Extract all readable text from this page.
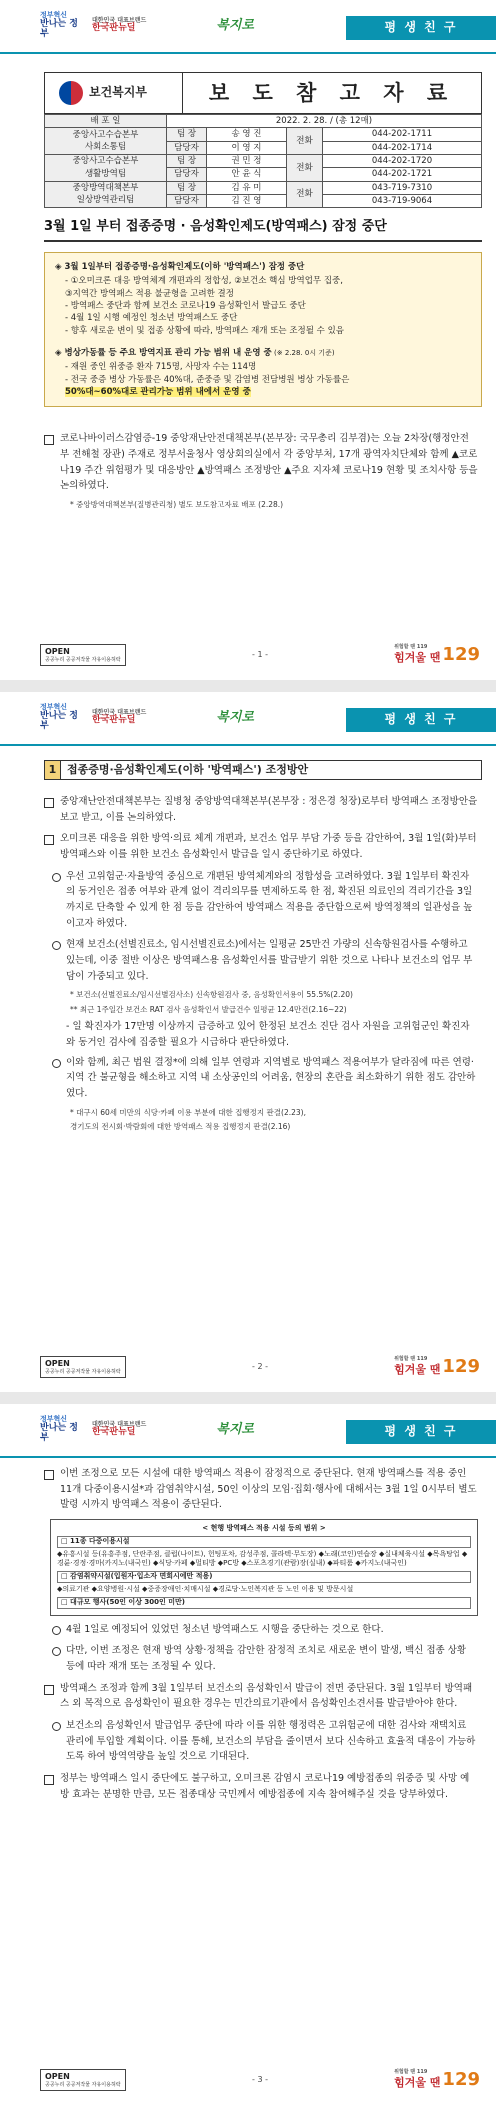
정부혁신
반나는 정부
대한민국 대표브랜드
한국판뉴딜	복지로	평 생 친 구
보건복지부	보 도 참 고 자 료
배 포 일	2022. 2. 28. / (총 12매)			

중앙사고수습본부
사회소통팀	팀 장	송 영 진	전화	044-202-1711
	담당자	이 영 지		044-202-1714

중앙사고수습본부
생활방역팀	팀 장	권 민 정	전화	044-202-1720
	담당자	안 윤 식		044-202-1721

중앙방역대책본부
일상방역관리팀	팀 장	김 유 미	전화	043-719-7310
	담당자	김 진 영		043-719-9064
3월 1일 부터 접종증명 · 음성확인제도(방역패스) 잠정 중단
◈ 3월 1일부터 접종증명·음성확인제도(이하 '방역패스') 잠정 중단
- ①오미크론 대응 방역체계 개편과의 정합성, ②보건소 핵심 방역업무 집중,
③지역간 방역패스 적용 불균형을 고려한 결정
- 방역패스 중단과 함께 보건소 코로나19 음성확인서 발급도 중단
- 4월 1일 시행 예정인 청소년 방역패스도 중단
- 향후 새로운 변이 및 접종 상황에 따라, 방역패스 재개 또는 조정될 수 있음
◈ 병상가동률 등 주요 방역지표 관리 가능 범위 내 운영 중 (※ 2.28. 0시 기준)
- 재원 중인 위중증 환자 715명, 사망자 수는 114명
- 전국 중증 병상 가동률은 40%대, 준중증 및 감염병 전담병원 병상 가동률은
50%대~60%대로 관리가능 범위 내에서 운영 중
코로나바이러스감염증-19 중앙재난안전대책본부(본부장: 국무총리 김부겸)는 오늘 2차장(행정안전부 전해철 장관) 주재로 정부서울청사 영상회의실에서 각 중앙부처, 17개 광역자치단체와 함께 ▲코로나19 주간 위험평가 및 대응방안 ▲방역패스 조정방안 ▲주요 지자체 코로나19 현황 및 조치사항 등을 논의하였다.
* 중앙방역대책본부(질병관리청) 별도 보도참고자료 배포 (2.28.)
OPEN
공공누리 공공저작물 자유이용허락
- 1 -
위험할 땐 119
힘겨울 땐 129
정부혁신
반나는 정부
대한민국 대표브랜드
한국판뉴딜	복지로	평 생 친 구
1 접종증명·음성확인제도(이하 '방역패스') 조정방안
중앙재난안전대책본부는 질병청 중앙방역대책본부(본부장 : 정은경 청장)로부터 방역패스 조정방안을 보고 받고, 이를 논의하였다.
오미크론 대응을 위한 방역·의료 체계 개편과, 보건소 업무 부담 가중 등을 감안하여, 3월 1일(화)부터 방역패스와 이를 위한 보건소 음성확인서 발급을 일시 중단하기로 하였다.
우선 고위험군·자율방역 중심으로 개편된 방역체계와의 정합성을 고려하였다. 3월 1일부터 확진자의 동거인은 접종 여부와 관계 없이 격리의무를 면제하도록 한 점, 확진된 의료인의 격리기간을 3일까지로 단축할 수 있게 한 점 등을 감안하여 방역패스 적용을 중단함으로써 방역정책의 일관성을 높이고자 하였다.
현재 보건소(선별진료소, 임시선별진료소)에서는 일평균 25만건 가량의 신속항원검사를 수행하고 있는데, 이중 절반 이상은 방역패스용 음성확인서를 발급받기 위한 것으로 나타나 보건소의 업무 부담이 가중되고 있다.
* 보건소(선별진료소/임시선별검사소) 신속항원검사 중, 음성확인서용이 55.5%(2.20)
** 최근 1주일간 보건소 RAT 검사 음성확인서 발급건수 일평균 12.4만건(2.16~22)
- 일 확진자가 17만명 이상까지 급증하고 있어 한정된 보건소 진단 검사 자원을 고위험군인 확진자와 동거인 검사에 집중할 필요가 시급하다 판단하였다.
이와 함께, 최근 법원 결정*에 의해 일부 연령과 지역별로 방역패스 적용여부가 달라짐에 따른 연령·지역 간 불균형을 해소하고 지역 내 소상공인의 어려움, 현장의 혼란을 최소화하기 위한 점도 감안하였다.
* 대구시 60세 미만의 식당·카페 이용 부분에 대한 집행정지 판결(2.23),
경기도의 전시회·박람회에 대한 방역패스 적용 집행정지 판결(2.16)
OPEN
공공누리 공공저작물 자유이용허락
- 2 -
위험할 땐 119
힘겨울 땐 129
정부혁신
반나는 정부
대한민국 대표브랜드
한국판뉴딜	복지로	평 생 친 구
이번 조정으로 모든 시설에 대한 방역패스 적용이 잠정적으로 중단된다. 현재 방역패스를 적용 중인 11개 다중이용시설*과 감염취약시설, 50인 이상의 모임·집회·행사에 대해서는 3월 1일 0시부터 별도 발령 시까지 방역패스 적용이 중단된다.
< 현행 방역패스 적용 시설 등의 범위 >
□ 11종 다중이용시설
◆유흥시설 등(유흥주점, 단란주점, 클럽(나이트), 헌팅포차, 감성주점, 콜라텍·무도장) ◆노래(코인)연습장 ◆실내체육시설 ◆목욕탕업 ◆경륜·경정·경마(카지노(내국인) ◆식당·카페 ◆멀티방 ◆PC방 ◆스포츠경기(관람)장(실내) ◆파티룸 ◆카지노(내국인)
□ 감염취약시설(입원자·입소자 면회시에만 적용)
◆의료기관 ◆요양병원·시설 ◆중증장애인·치매시설 ◆경로당·노인복지관 등 노인 이용 및 방문시설
□ 대규모 행사(50인 이상 300인 미만)
4월 1일로 예정되어 있었던 청소년 방역패스도 시행을 중단하는 것으로 한다.
다만, 이번 조정은 현재 방역 상황·정책을 감안한 잠정적 조치로 새로운 변이 발생, 백신 접종 상황 등에 따라 재개 또는 조정될 수 있다.
방역패스 조정과 함께 3월 1일부터 보건소의 음성확인서 발급이 전면 중단된다. 3월 1일부터 방역패스 외 목적으로 음성확인이 필요한 경우는 민간의료기관에서 음성확인소견서를 발급받아야 한다.
보건소의 음성확인서 발급업무 중단에 따라 이를 위한 행정력은 고위험군에 대한 검사와 재택치료 관리에 투입할 계획이다. 이를 통해, 보건소의 부담을 줄이면서 보다 신속하고 효율적 대응이 가능하도록 하여 방역역량을 높일 것으로 기대된다.
정부는 방역패스 일시 중단에도 불구하고, 오미크론 감염시 코로나19 예방접종의 위중증 및 사망 예방 효과는 분명한 만큼, 모든 접종대상 국민께서 예방접종에 지속 참여해주실 것을 당부하였다.
OPEN
공공누리 공공저작물 자유이용허락
- 3 -
위험할 땐 119
힘겨울 땐 129
